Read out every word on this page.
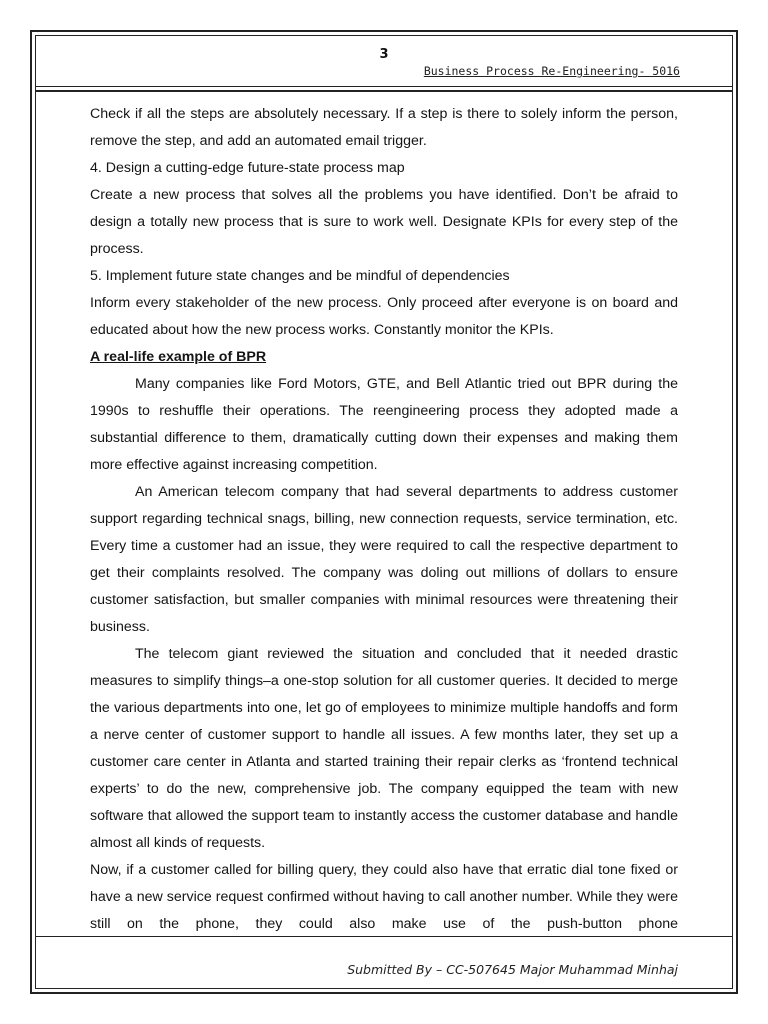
3
Business Process Re-Engineering- 5016

Check if all the steps are absolutely necessary. If a step is there to solely inform the person, remove the step, and add an automated email trigger.

4. Design a cutting-edge future-state process map

Create a new process that solves all the problems you have identified. Don’t be afraid to design a totally new process that is sure to work well. Designate KPIs for every step of the process.

5. Implement future state changes and be mindful of dependencies

Inform every stakeholder of the new process. Only proceed after everyone is on board and educated about how the new process works. Constantly monitor the KPIs.

A real-life example of BPR

Many companies like Ford Motors, GTE, and Bell Atlantic tried out BPR during the 1990s to reshuffle their operations. The reengineering process they adopted made a substantial difference to them, dramatically cutting down their expenses and making them more effective against increasing competition.

An American telecom company that had several departments to address customer support regarding technical snags, billing, new connection requests, service termination, etc. Every time a customer had an issue, they were required to call the respective department to get their complaints resolved. The company was doling out millions of dollars to ensure customer satisfaction, but smaller companies with minimal resources were threatening their business.

The telecom giant reviewed the situation and concluded that it needed drastic measures to simplify things–a one-stop solution for all customer queries. It decided to merge the various departments into one, let go of employees to minimize multiple handoffs and form a nerve center of customer support to handle all issues. A few months later, they set up a customer care center in Atlanta and started training their repair clerks as ‘frontend technical experts’ to do the new, comprehensive job. The company equipped the team with new software that allowed the support team to instantly access the customer database and handle almost all kinds of requests.

Now, if a customer called for billing query, they could also have that erratic dial tone fixed or have a new service request confirmed without having to call another number. While they were still on the phone, they could also make use of the push-button phone

Submitted By – CC-507645 Major Muhammad Minhaj
